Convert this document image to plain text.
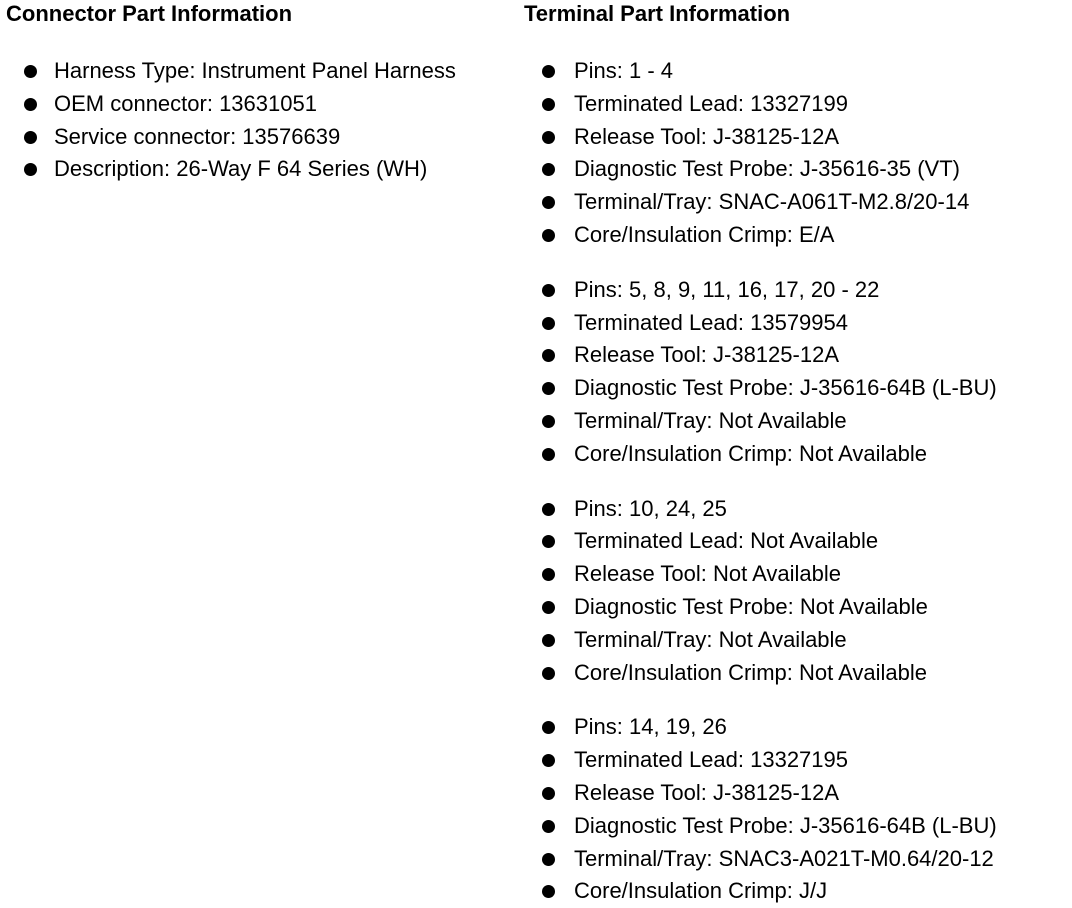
Connector Part Information
Harness Type: Instrument Panel Harness
OEM connector: 13631051
Service connector: 13576639
Description: 26-Way F 64 Series (WH)
Terminal Part Information
Pins: 1 - 4
Terminated Lead: 13327199
Release Tool: J-38125-12A
Diagnostic Test Probe: J-35616-35 (VT)
Terminal/Tray: SNAC-A061T-M2.8/20-14
Core/Insulation Crimp: E/A
Pins: 5, 8, 9, 11, 16, 17, 20 - 22
Terminated Lead: 13579954
Release Tool: J-38125-12A
Diagnostic Test Probe: J-35616-64B (L-BU)
Terminal/Tray: Not Available
Core/Insulation Crimp: Not Available
Pins: 10, 24, 25
Terminated Lead: Not Available
Release Tool: Not Available
Diagnostic Test Probe: Not Available
Terminal/Tray: Not Available
Core/Insulation Crimp: Not Available
Pins: 14, 19, 26
Terminated Lead: 13327195
Release Tool: J-38125-12A
Diagnostic Test Probe: J-35616-64B (L-BU)
Terminal/Tray: SNAC3-A021T-M0.64/20-12
Core/Insulation Crimp: J/J
